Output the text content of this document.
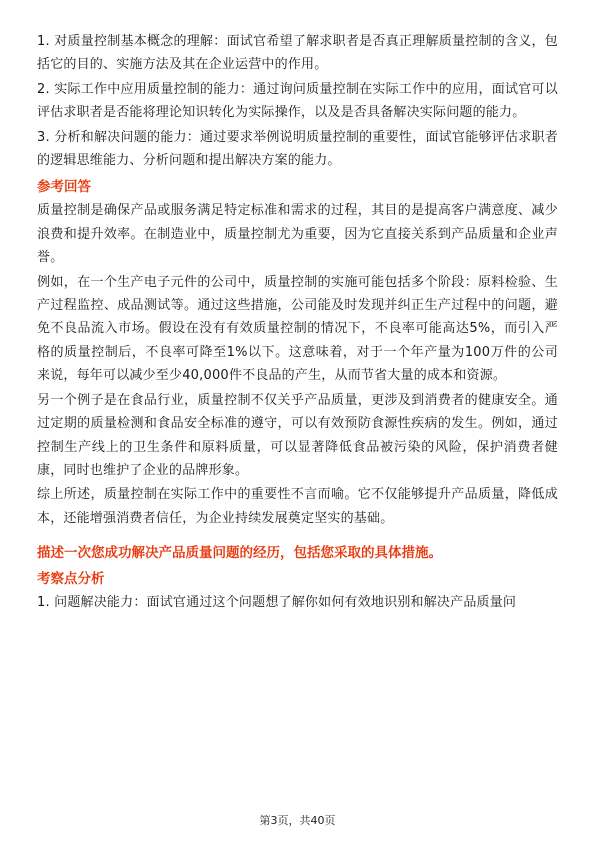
1. 对质量控制基本概念的理解：面试官希望了解求职者是否真正理解质量控制的含义，包括它的目的、实施方法及其在企业运营中的作用。

2. 实际工作中应用质量控制的能力：通过询问质量控制在实际工作中的应用，面试官可以评估求职者是否能将理论知识转化为实际操作，以及是否具备解决实际问题的能力。

3. 分析和解决问题的能力：通过要求举例说明质量控制的重要性，面试官能够评估求职者的逻辑思维能力、分析问题和提出解决方案的能力。

参考回答

质量控制是确保产品或服务满足特定标准和需求的过程，其目的是提高客户满意度、减少浪费和提升效率。在制造业中，质量控制尤为重要，因为它直接关系到产品质量和企业声誉。

例如，在一个生产电子元件的公司中，质量控制的实施可能包括多个阶段：原料检验、生产过程监控、成品测试等。通过这些措施，公司能及时发现并纠正生产过程中的问题，避免不良品流入市场。假设在没有有效质量控制的情况下，不良率可能高达5%，而引入严格的质量控制后，不良率可降至1%以下。这意味着，对于一个年产量为100万件的公司来说，每年可以减少至少40,000件不良品的产生，从而节省大量的成本和资源。

另一个例子是在食品行业，质量控制不仅关乎产品质量，更涉及到消费者的健康安全。通过定期的质量检测和食品安全标准的遵守，可以有效预防食源性疾病的发生。例如，通过控制生产线上的卫生条件和原料质量，可以显著降低食品被污染的风险，保护消费者健康，同时也维护了企业的品牌形象。

综上所述，质量控制在实际工作中的重要性不言而喻。它不仅能够提升产品质量，降低成本，还能增强消费者信任，为企业持续发展奠定坚实的基础。

描述一次您成功解决产品质量问题的经历，包括您采取的具体措施。
考察点分析

1. 问题解决能力：面试官通过这个问题想了解你如何有效地识别和解决产品质量问

第3页，共40页
